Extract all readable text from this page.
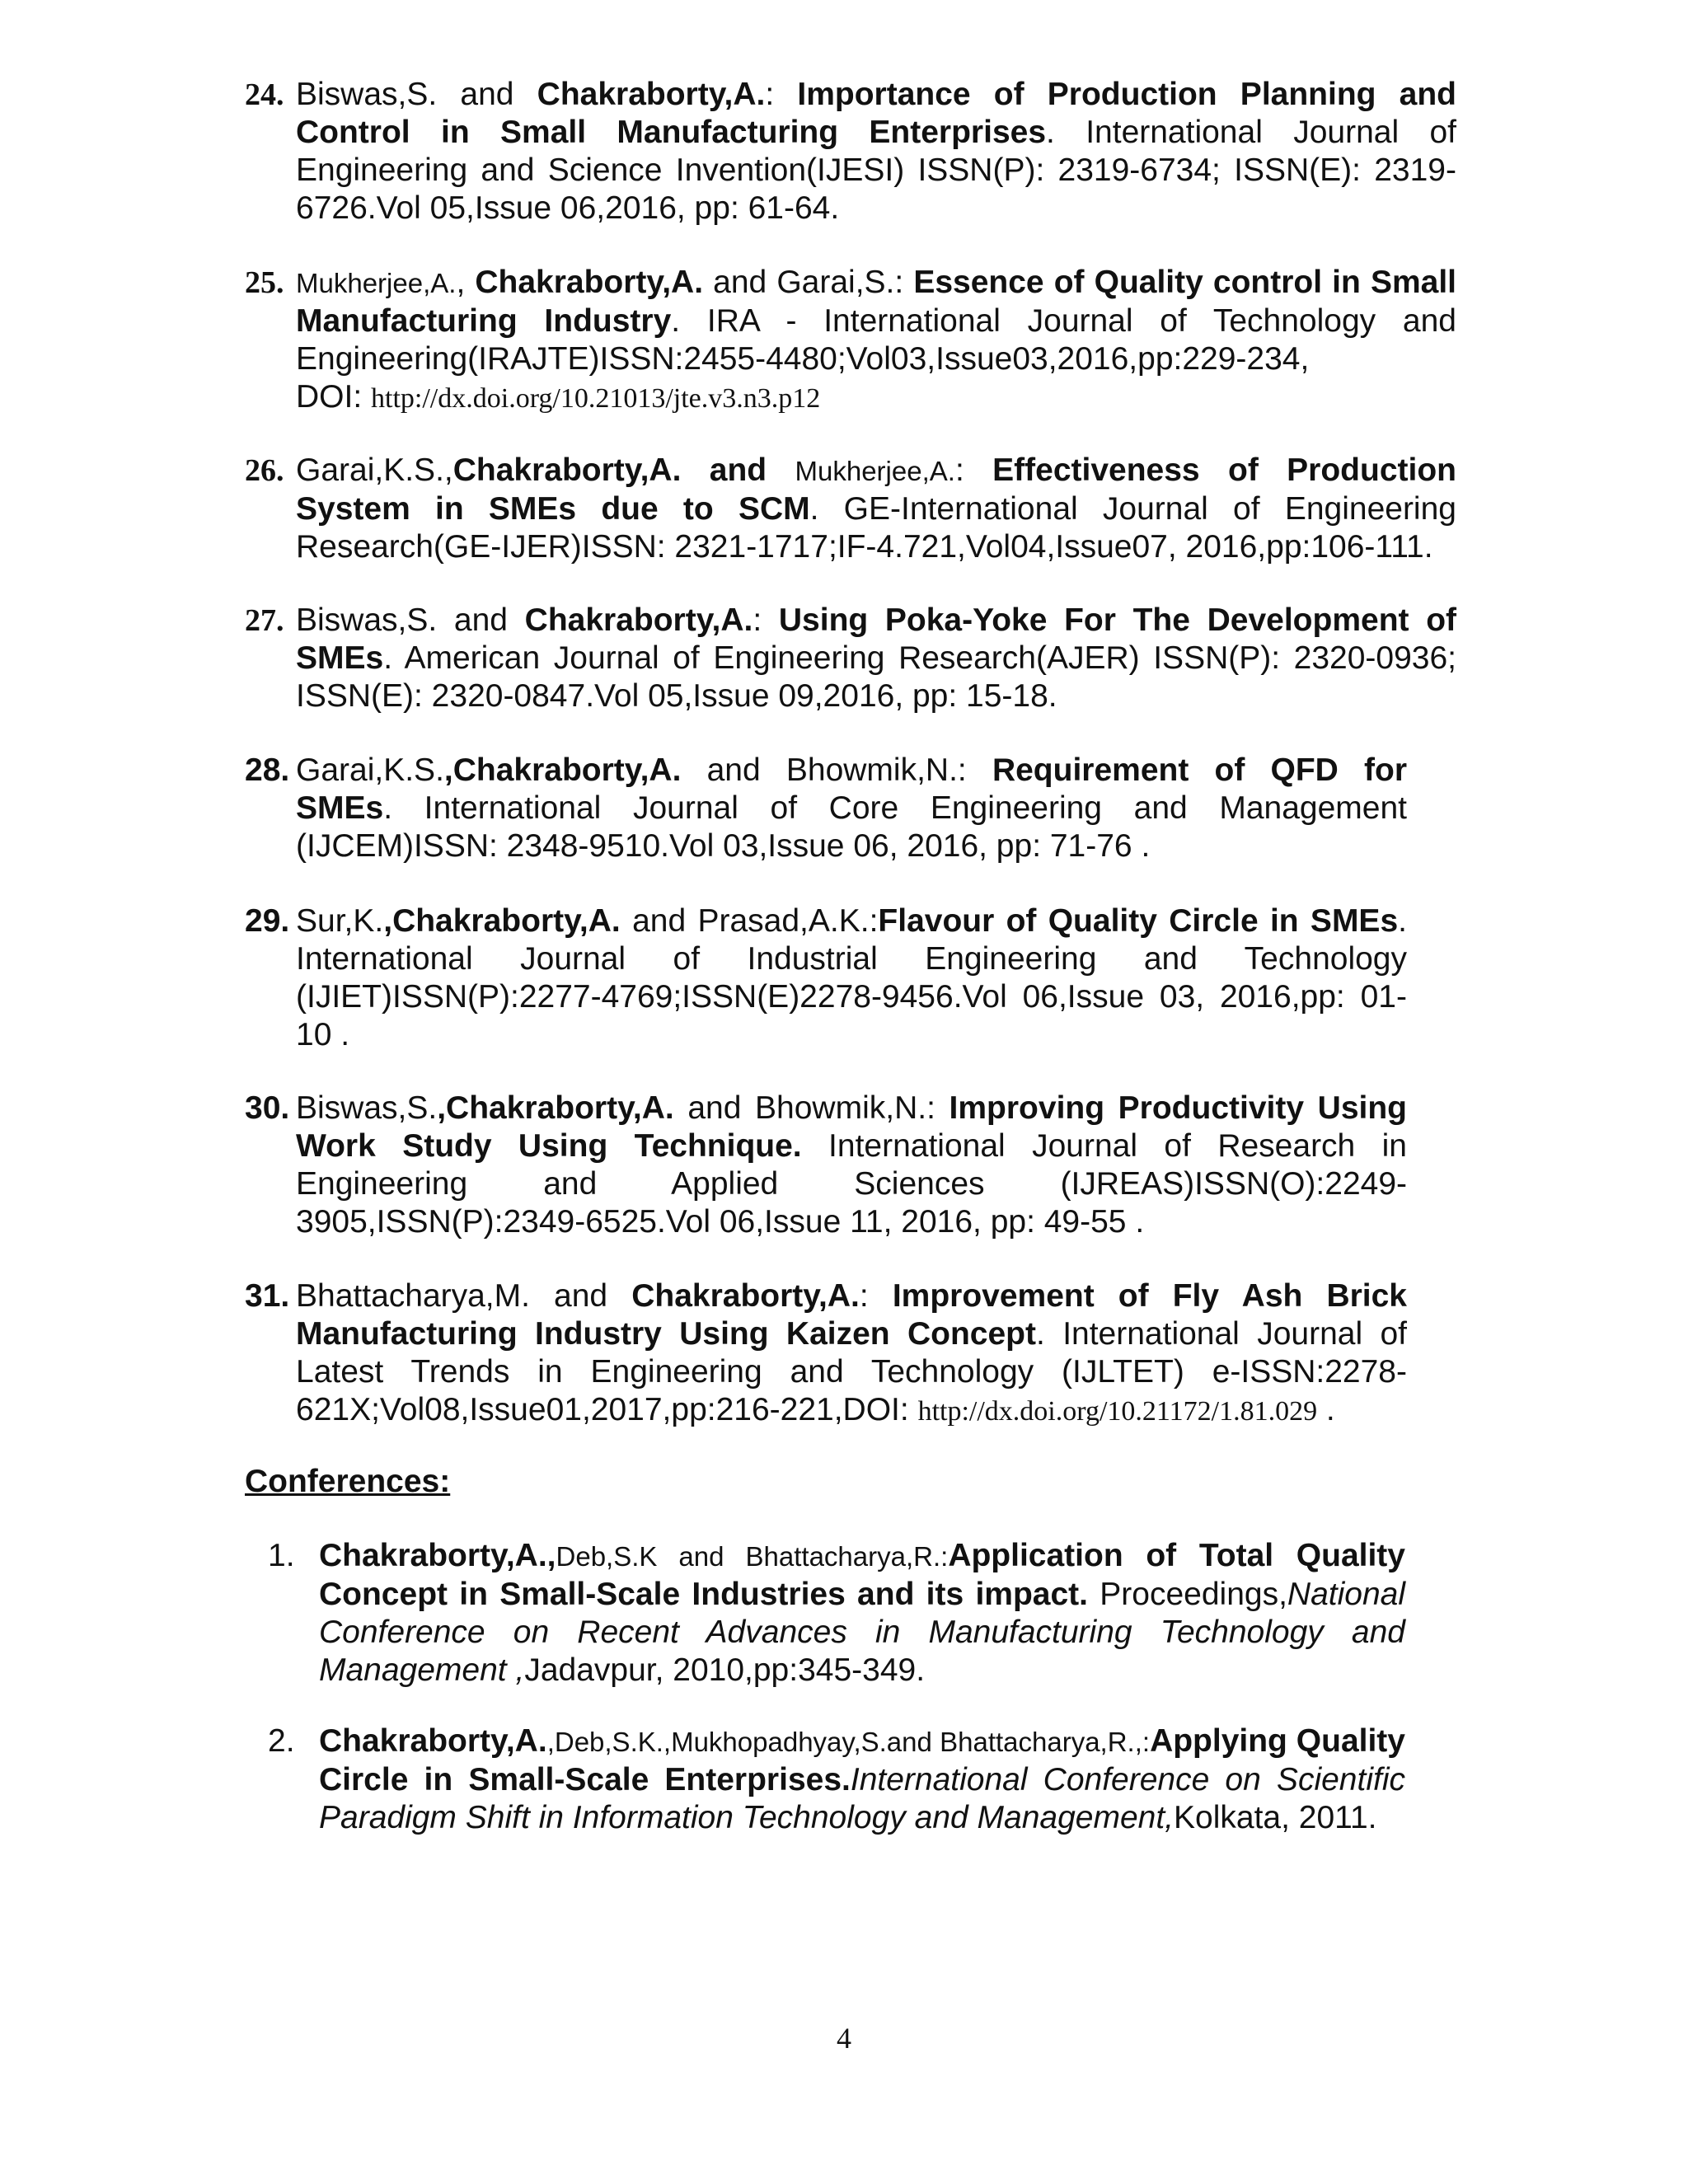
24. Biswas,S. and Chakraborty,A.: Importance of Production Planning and Control in Small Manufacturing Enterprises. International Journal of Engineering and Science Invention(IJESI) ISSN(P): 2319-6734; ISSN(E): 2319-6726.Vol 05,Issue 06,2016, pp: 61-64.
25. Mukherjee,A., Chakraborty,A. and Garai,S.: Essence of Quality control in Small Manufacturing Industry. IRA - International Journal of Technology and Engineering(IRAJTE)ISSN:2455-4480;Vol03,Issue03,2016,pp:229-234,
DOI: http://dx.doi.org/10.21013/jte.v3.n3.p12
26. Garai,K.S.,Chakraborty,A. and Mukherjee,A.: Effectiveness of Production System in SMEs due to SCM. GE-International Journal of Engineering Research(GE-IJER)ISSN: 2321-1717;IF-4.721,Vol04,Issue07, 2016,pp:106-111.
27. Biswas,S. and Chakraborty,A.: Using Poka-Yoke For The Development of SMEs. American Journal of Engineering Research(AJER) ISSN(P): 2320-0936; ISSN(E): 2320-0847.Vol 05,Issue 09,2016, pp: 15-18.
28. Garai,K.S.,Chakraborty,A. and Bhowmik,N.: Requirement of QFD for SMEs. International Journal of Core Engineering and Management (IJCEM)ISSN: 2348-9510.Vol 03,Issue 06, 2016, pp: 71-76 .
29. Sur,K.,Chakraborty,A. and Prasad,A.K.:Flavour of Quality Circle in SMEs. International Journal of Industrial Engineering and Technology (IJIET)ISSN(P):2277-4769;ISSN(E)2278-9456.Vol 06,Issue 03, 2016,pp: 01-10 .
30. Biswas,S.,Chakraborty,A. and Bhowmik,N.: Improving Productivity Using Work Study Using Technique. International Journal of Research in Engineering and Applied Sciences (IJREAS)ISSN(O):2249-3905,ISSN(P):2349-6525.Vol 06,Issue 11, 2016, pp: 49-55 .
31. Bhattacharya,M. and Chakraborty,A.: Improvement of Fly Ash Brick Manufacturing Industry Using Kaizen Concept. International Journal of Latest Trends in Engineering and Technology (IJLTET) e-ISSN:2278-621X;Vol08,Issue01,2017,pp:216-221,DOI: http://dx.doi.org/10.21172/1.81.029 .
Conferences:
1. Chakraborty,A.,Deb,S.K and Bhattacharya,R.:Application of Total Quality Concept in Small-Scale Industries and its impact. Proceedings,National Conference on Recent Advances in Manufacturing Technology and Management ,Jadavpur, 2010,pp:345-349.
2. Chakraborty,A.,Deb,S.K.,Mukhopadhyay,S.and Bhattacharya,R.,:Applying Quality Circle in Small-Scale Enterprises.International Conference on Scientific Paradigm Shift in Information Technology and Management,Kolkata, 2011.
4
